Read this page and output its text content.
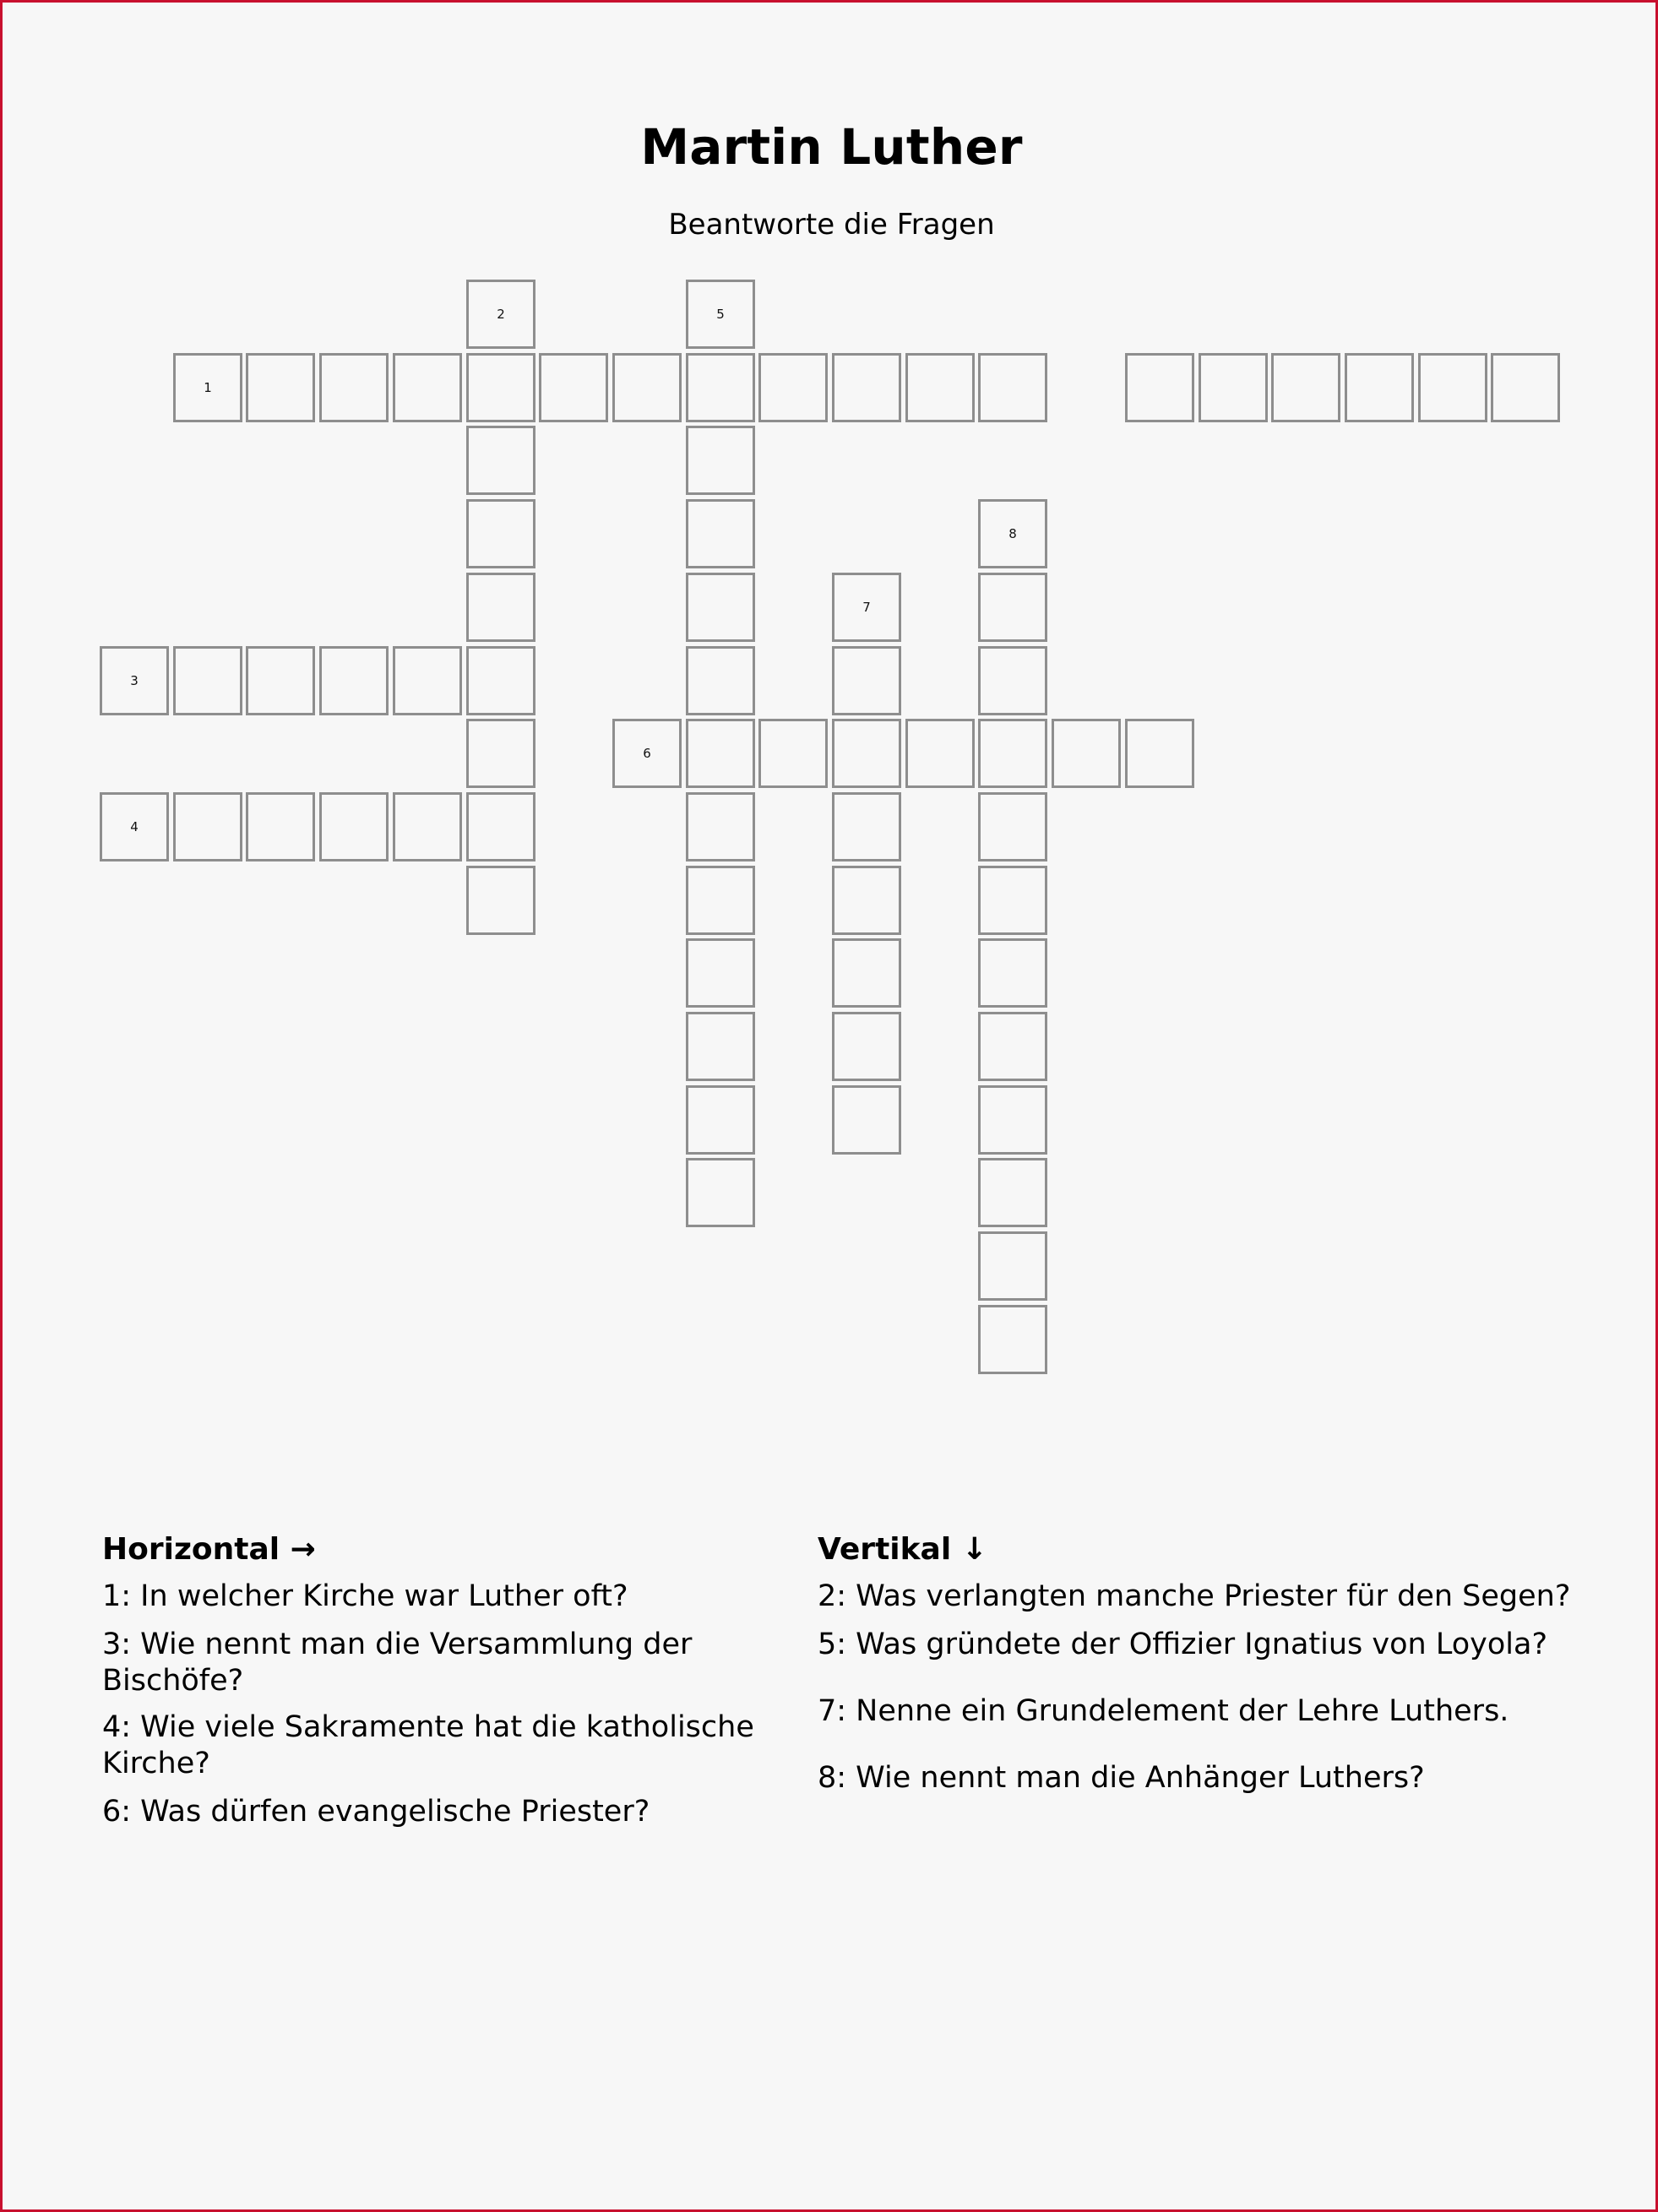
Martin Luther
Beantworte die Fragen
2	5
1
8
7
3
6
4
Horizontal →
1: In welcher Kirche war Luther oft?
3: Wie nennt man die Versammlung der Bischöfe?
4: Wie viele Sakramente hat die katholische Kirche?
6: Was dürfen evangelische Priester?
Vertikal ↓
2: Was verlangten manche Priester für den Segen?
5: Was gründete der Offizier Ignatius von Loyola?
7: Nenne ein Grundelement der Lehre Luthers.
8: Wie nennt man die Anhänger Luthers?
